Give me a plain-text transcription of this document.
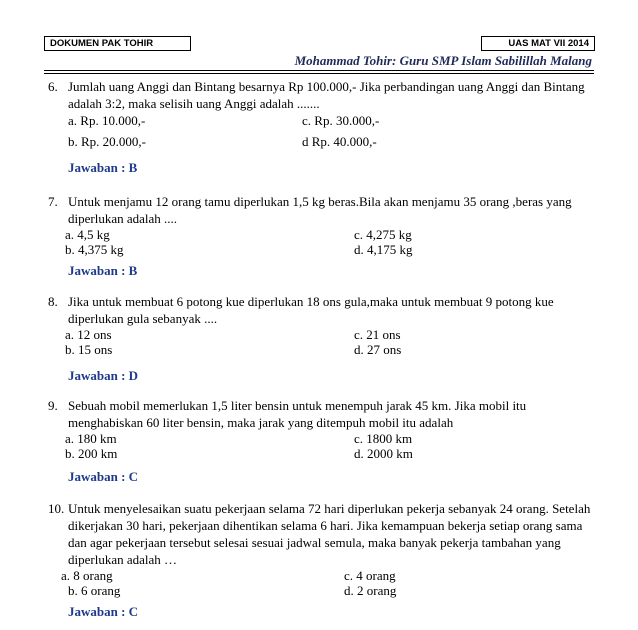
DOKUMEN PAK TOHIR	UAS MAT VII 2014
Mohammad Tohir: Guru SMP Islam Sabilillah Malang
6. Jumlah uang Anggi dan Bintang besarnya Rp 100.000,- Jika perbandingan uang Anggi dan Bintang
adalah 3:2, maka selisih uang Anggi adalah .......
a. Rp. 10.000,-	c. Rp. 30.000,-
b. Rp. 20.000,-	d Rp. 40.000,-
Jawaban : B
7. Untuk menjamu 12 orang tamu diperlukan 1,5 kg beras.Bila akan menjamu 35 orang ,beras yang
diperlukan adalah ....
a. 4,5 kg	c. 4,275 kg
b. 4,375 kg	d. 4,175 kg
Jawaban : B
8. Jika untuk membuat 6 potong kue diperlukan 18 ons gula,maka untuk membuat 9 potong kue
diperlukan gula sebanyak ....
a. 12 ons	c. 21 ons
b. 15 ons	d. 27 ons
Jawaban : D
9. Sebuah mobil memerlukan 1,5 liter bensin untuk menempuh jarak 45 km. Jika mobil itu
menghabiskan 60 liter bensin, maka jarak yang ditempuh mobil itu adalah
a. 180 km	c. 1800 km
b. 200 km	d. 2000 km
Jawaban : C
10. Untuk menyelesaikan suatu pekerjaan selama 72 hari diperlukan pekerja sebanyak 24 orang. Setelah
dikerjakan 30 hari, pekerjaan dihentikan selama 6 hari. Jika kemampuan bekerja setiap orang sama
dan agar pekerjaan tersebut selesai sesuai jadwal semula, maka banyak pekerja tambahan yang
diperlukan adalah …
a. 8 orang	c. 4 orang
b. 6 orang	d. 2 orang
Jawaban : C
